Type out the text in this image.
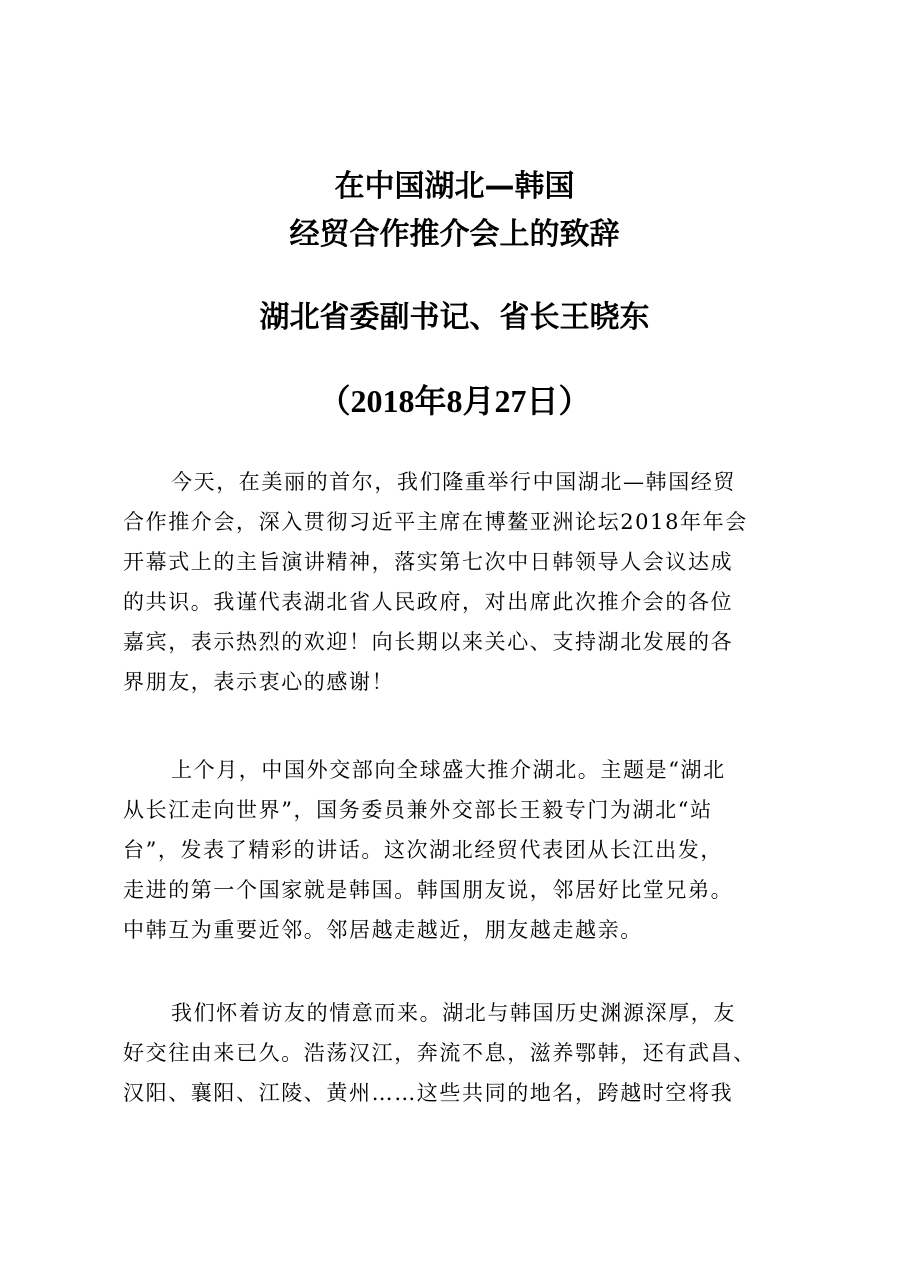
在中国湖北—韩国
经贸合作推介会上的致辞
湖北省委副书记、省长王晓东
（2018年8月27日）
今天，在美丽的首尔，我们隆重举行中国湖北—韩国经贸
合作推介会，深入贯彻习近平主席在博鳌亚洲论坛2018年年会
开幕式上的主旨演讲精神，落实第七次中日韩领导人会议达成
的共识。我谨代表湖北省人民政府，对出席此次推介会的各位
嘉宾，表示热烈的欢迎！向长期以来关心、支持湖北发展的各
界朋友，表示衷心的感谢！
上个月，中国外交部向全球盛大推介湖北。主题是“湖北
从长江走向世界”，国务委员兼外交部长王毅专门为湖北“站
台”，发表了精彩的讲话。这次湖北经贸代表团从长江出发，
走进的第一个国家就是韩国。韩国朋友说，邻居好比堂兄弟。
中韩互为重要近邻。邻居越走越近，朋友越走越亲。
我们怀着访友的情意而来。湖北与韩国历史渊源深厚，友
好交往由来已久。浩荡汉江，奔流不息，滋养鄂韩，还有武昌、
汉阳、襄阳、江陵、黄州……这些共同的地名，跨越时空将我
